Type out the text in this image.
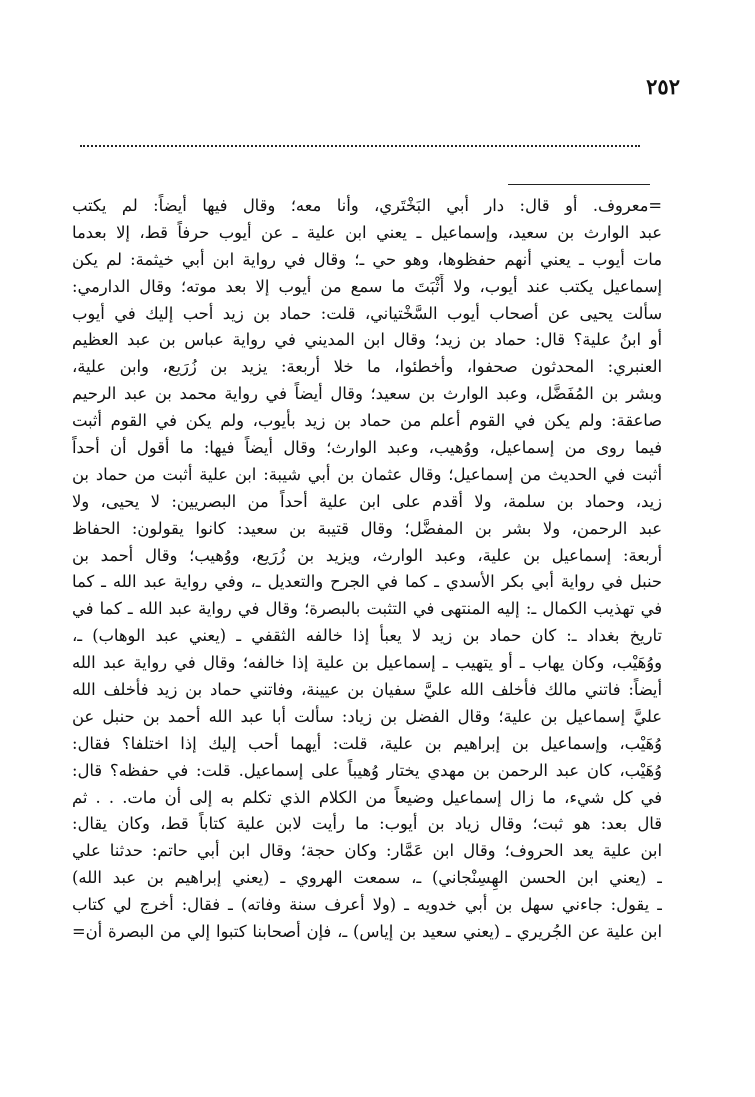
٢٥٢
=معروف. أو قال: دار أبي البَخْتَري، وأنا معه؛ وقال فيها أيضاً: لم يكتب
عبد الوارث بن سعيد، وإسماعيل ـ يعني ابن علية ـ عن أيوب حرفاً قط، إلا بعدما
مات أيوب ـ يعني أنهم حفظوها، وهو حي ـ؛ وقال في رواية ابن أبي خيثمة: لم يكن
إسماعيل يكتب عند أيوب، ولا أَثْبَتَ ما سمع من أيوب إلا بعد موته؛ وقال الدارمي:
سألت يحيى عن أصحاب أيوب السَّخْتياني، قلت: حماد بن زيد أحب إليك في أيوب
أو ابنُ علية؟ قال: حماد بن زيد؛ وقال ابن المديني في رواية عباس بن عبد العظيم
العنبري: المحدثون صحفوا، وأخطئوا، ما خلا أربعة: يزيد بن زُرَيع، وابن علية،
وبشر بن المُفَضَّل، وعبد الوارث بن سعيد؛ وقال أيضاً في رواية محمد بن عبد الرحيم
صاعقة: ولم يكن في القوم أعلم من حماد بن زيد بأيوب، ولم يكن في القوم أثبت
فيما روى من إسماعيل، ووُهيب، وعبد الوارث؛ وقال أيضاً فيها: ما أقول أن أحداً
أثبت في الحديث من إسماعيل؛ وقال عثمان بن أبي شيبة: ابن علية أثبت من حماد بن
زيد، وحماد بن سلمة، ولا أقدم على ابن علية أحداً من البصريين: لا يحيى، ولا
عبد الرحمن، ولا بشر بن المفضَّل؛ وقال قتيبة بن سعيد: كانوا يقولون: الحفاظ
أربعة: إسماعيل بن علية، وعبد الوارث، ويزيد بن زُرَيع، ووُهيب؛ وقال أحمد بن
حنبل في رواية أبي بكر الأسدي ـ كما في الجرح والتعديل ـ، وفي رواية عبد الله ـ كما
في تهذيب الكمال ـ: إليه المنتهى في التثبت بالبصرة؛ وقال في رواية عبد الله ـ كما في
تاريخ بغداد ـ: كان حماد بن زيد لا يعبأ إذا خالفه الثقفي ـ (يعني عبد الوهاب) ـ،
ووُهَيْب، وكان يهاب ـ أو يتهيب ـ إسماعيل بن علية إذا خالفه؛ وقال في رواية عبد الله
أيضاً: فاتني مالك فأخلف الله عليَّ سفيان بن عيينة، وفاتني حماد بن زيد فأخلف الله
عليَّ إسماعيل بن علية؛ وقال الفضل بن زياد: سألت أبا عبد الله أحمد بن حنبل عن
وُهَيْب، وإسماعيل بن إبراهيم بن علية، قلت: أيهما أحب إليك إذا اختلفا؟ فقال:
وُهَيْب، كان عبد الرحمن بن مهدي يختار وُهيباً على إسماعيل. قلت: في حفظه؟ قال:
في كل شيء، ما زال إسماعيل وضيعاً من الكلام الذي تكلم به إلى أن مات. . . ثم
قال بعد: هو ثبت؛ وقال زياد بن أيوب: ما رأيت لابن علية كتاباً قط، وكان يقال:
ابن علية يعد الحروف؛ وقال ابن عَمَّار: وكان حجة؛ وقال ابن أبي حاتم: حدثنا علي
ـ (يعني ابن الحسن الهِسِنْجاني) ـ، سمعت الهروي ـ (يعني إبراهيم بن عبد الله)
ـ يقول: جاءني سهل بن أبي خدويه ـ (ولا أعرف سنة وفاته) ـ فقال: أخرج لي كتاب
ابن علية عن الجُريري ـ (يعني سعيد بن إياس) ـ، فإن أصحابنا كتبوا إلي من البصرة أن=
